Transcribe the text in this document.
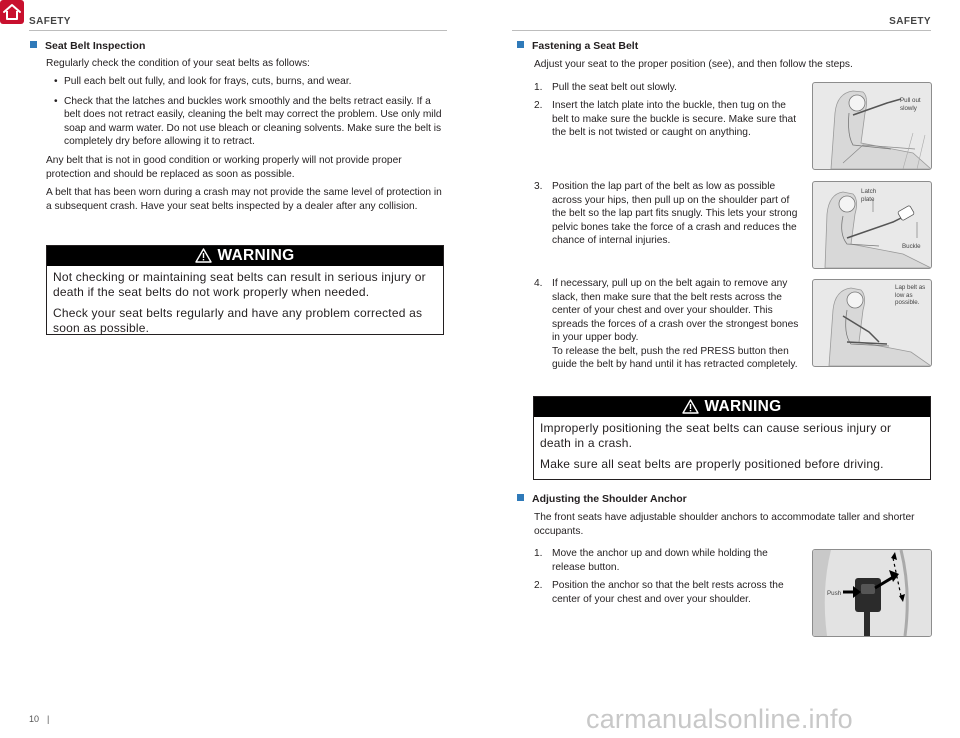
SAFETY	SAFETY
Seat Belt Inspection
Regularly check the condition of your seat belts as follows:
• Pull each belt out fully, and look for frays, cuts, burns, and wear.
• Check that the latches and buckles work smoothly and the belts retract easily. If a belt does not retract easily, cleaning the belt may correct the problem. Use only mild soap and warm water. Do not use bleach or cleaning solvents. Make sure the belt is completely dry before allowing it to retract.
Any belt that is not in good condition or working properly will not provide proper protection and should be replaced as soon as possible.
A belt that has been worn during a crash may not provide the same level of protection in a subsequent crash. Have your seat belts inspected by a dealer after any collision.
WARNING

Not checking or maintaining seat belts can result in serious injury or death if the seat belts do not work properly when needed.

Check your seat belts regularly and have any problem corrected as soon as possible.

Fastening a Seat Belt
Adjust your seat to the proper position (see), and then follow the steps.
1. Pull the seat belt out slowly.
2. Insert the latch plate into the buckle, then tug on the belt to make sure the buckle is secure. Make sure that the belt is not twisted or caught on anything.
3. Position the lap part of the belt as low as possible across your hips, then pull up on the shoulder part of the belt so the lap part fits snugly. This lets your strong pelvic bones take the force of a crash and reduces the chance of internal injuries.
4. If necessary, pull up on the belt again to remove any slack, then make sure that the belt rests across the center of your chest and over your shoulder. This spreads the forces of a crash over the strongest bones in your upper body.
To release the belt, push the red PRESS button then guide the belt by hand until it has retracted completely.
Pull out slowly
Latch plate
Buckle
Lap belt as low as possible.
WARNING

Improperly positioning the seat belts can cause serious injury or death in a crash.

Make sure all seat belts are properly positioned before driving.

Adjusting the Shoulder Anchor
The front seats have adjustable shoulder anchors to accommodate taller and shorter occupants.
1. Move the anchor up and down while holding the release button.
2. Position the anchor so that the belt rests across the center of your chest and over your shoulder.	Push
10 |	carmanualsonline.info
